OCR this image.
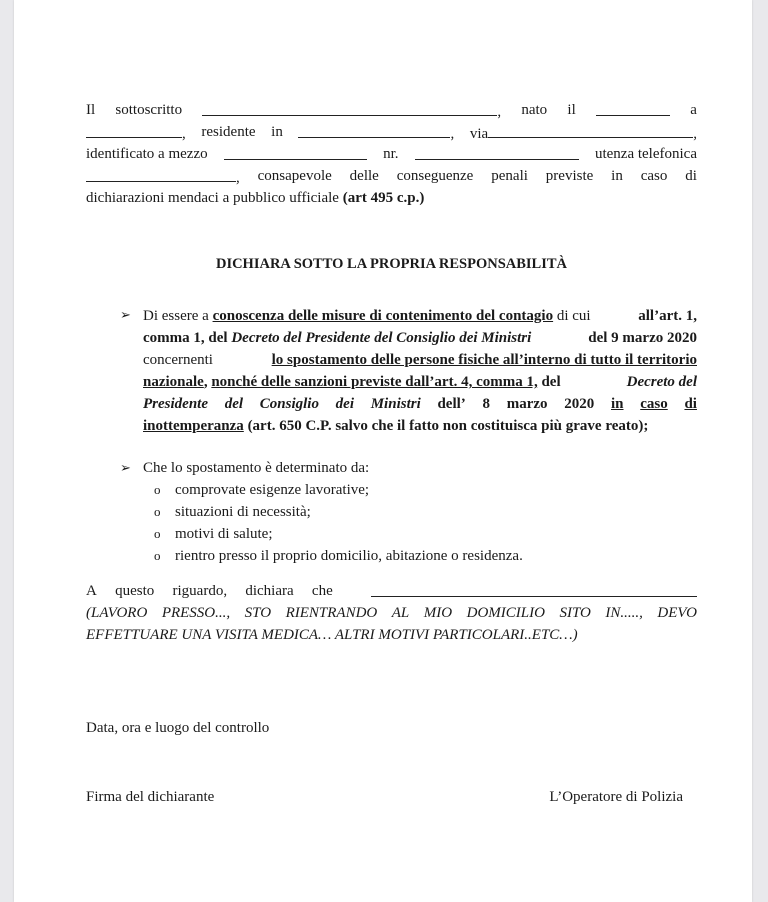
Il sottoscritto	, nato il	a
, residente in	, via	,
identificato a mezzo	nr.	utenza telefonica
, consapevole delle conseguenze penali previste in caso di
dichiarazioni mendaci a pubblico ufficiale (art 495 c.p.)
DICHIARA SOTTO LA PROPRIA RESPONSABILITÀ
➢ Di essere a conoscenza delle misure di contenimento del contagio di cui	all’art. 1,
comma 1, del Decreto del Presidente del Consiglio dei Ministri	del 9 marzo 2020
concernenti	lo spostamento delle persone fisiche all’interno di tutto il territorio
nazionale, nonché delle sanzioni previste dall’art. 4, comma 1, del	Decreto del
Presidente del Consiglio dei Ministri dell’ 8 marzo 2020 in caso di
inottemperanza (art. 650 C.P. salvo che il fatto non costituisca più grave reato);
➢ Che lo spostamento è determinato da:
o comprovate esigenze lavorative;
o situazioni di necessità;
o motivi di salute;
o rientro presso il proprio domicilio, abitazione o residenza.
A questo riguardo, dichiara che
(LAVORO PRESSO..., STO RIENTRANDO AL MIO DOMICILIO SITO IN....., DEVO
EFFETTUARE UNA VISITA MEDICA… ALTRI MOTIVI PARTICOLARI..ETC…)
Data, ora e luogo del controllo
Firma del dichiarante	L’Operatore di Polizia
